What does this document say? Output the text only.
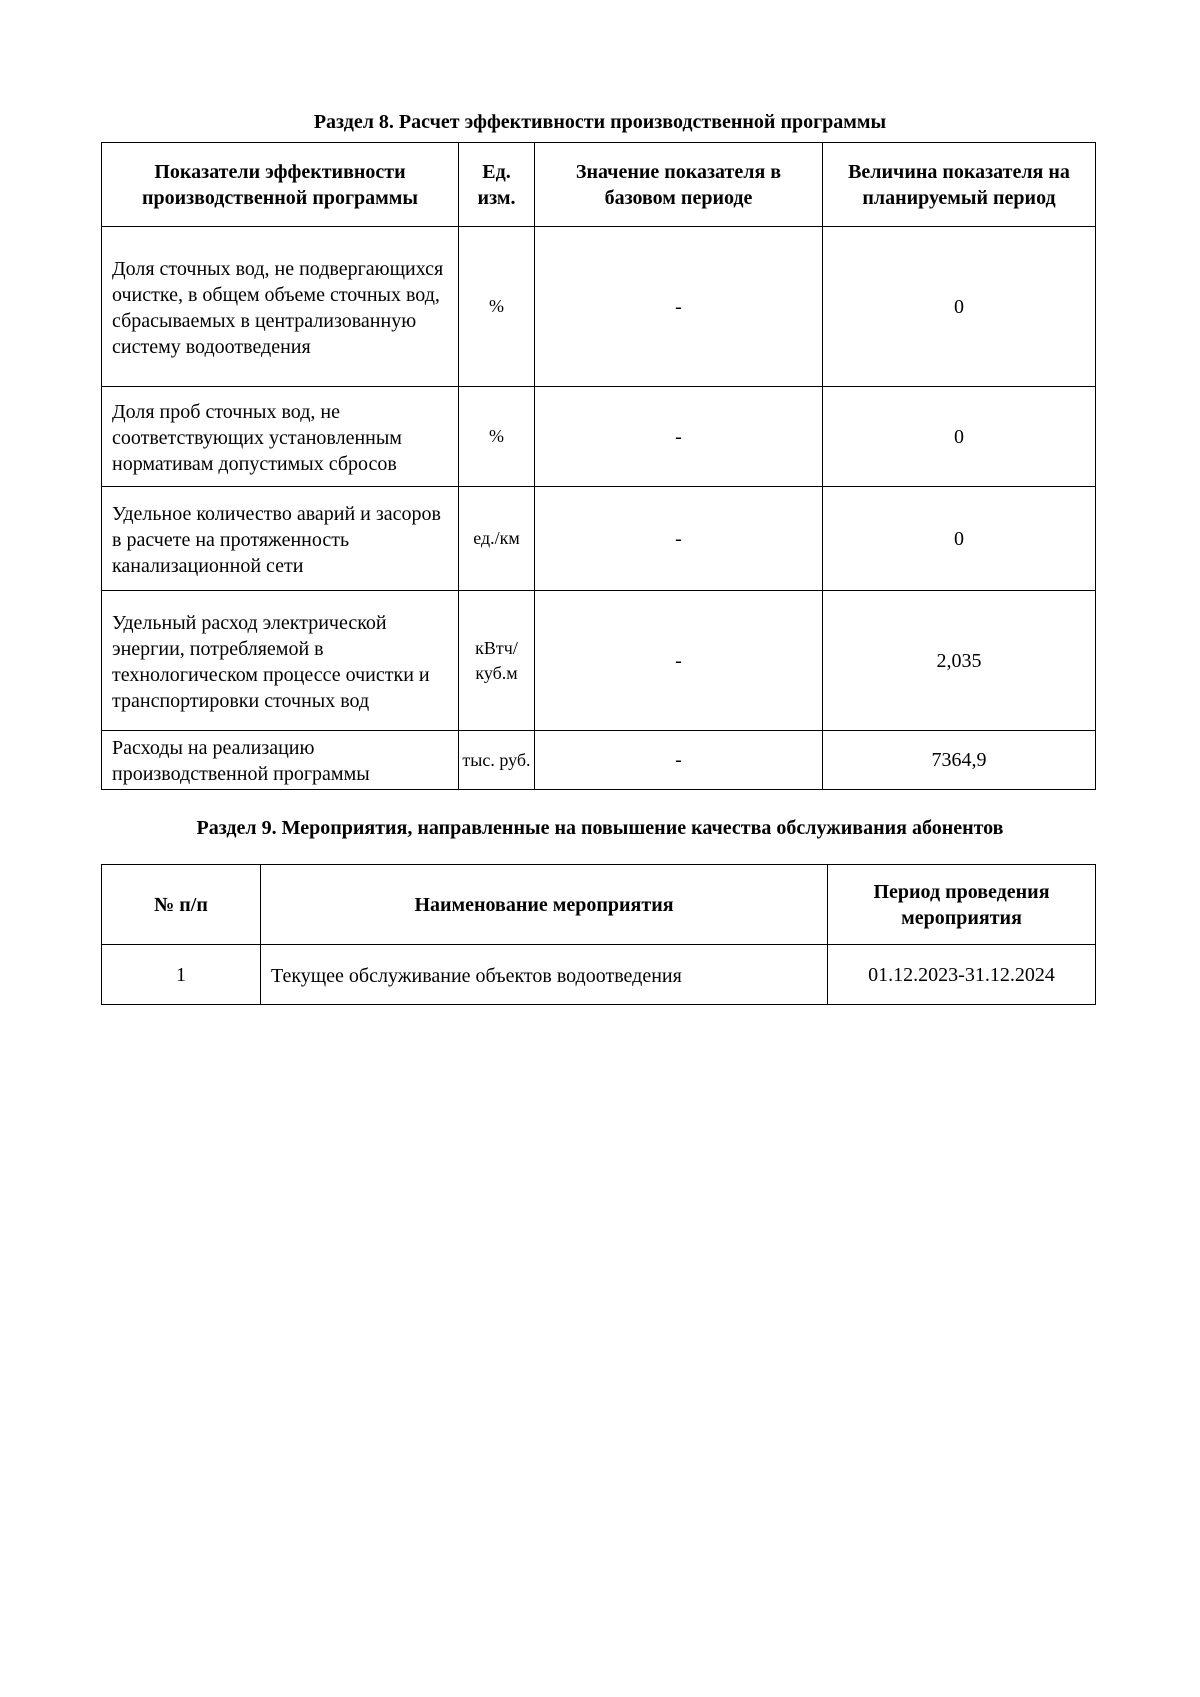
Раздел 8. Расчет эффективности производственной программы
Показатели эффективности производственной программы	Ед. изм.	Значение показателя в базовом периоде	Величина показателя на планируемый период
Доля сточных вод, не подвергающихся очистке, в общем объеме сточных вод, сбрасываемых в централизованную систему водоотведения	%	-	0
Доля проб сточных вод, не соответствующих установленным нормативам допустимых сбросов	%	-	0
Удельное количество аварий и засоров в расчете на протяженность канализационной сети	ед./км	-	0
Удельный расход электрической энергии, потребляемой в технологическом процессе очистки и транспортировки сточных вод	кВтч/ куб.м	-	2,035
Расходы на реализацию производственной программы	тыс. руб.	-	7364,9
Раздел 9. Мероприятия, направленные на повышение качества обслуживания абонентов
№ п/п	Наименование мероприятия	Период проведения мероприятия
1	Текущее обслуживание объектов водоотведения	01.12.2023-31.12.2024
